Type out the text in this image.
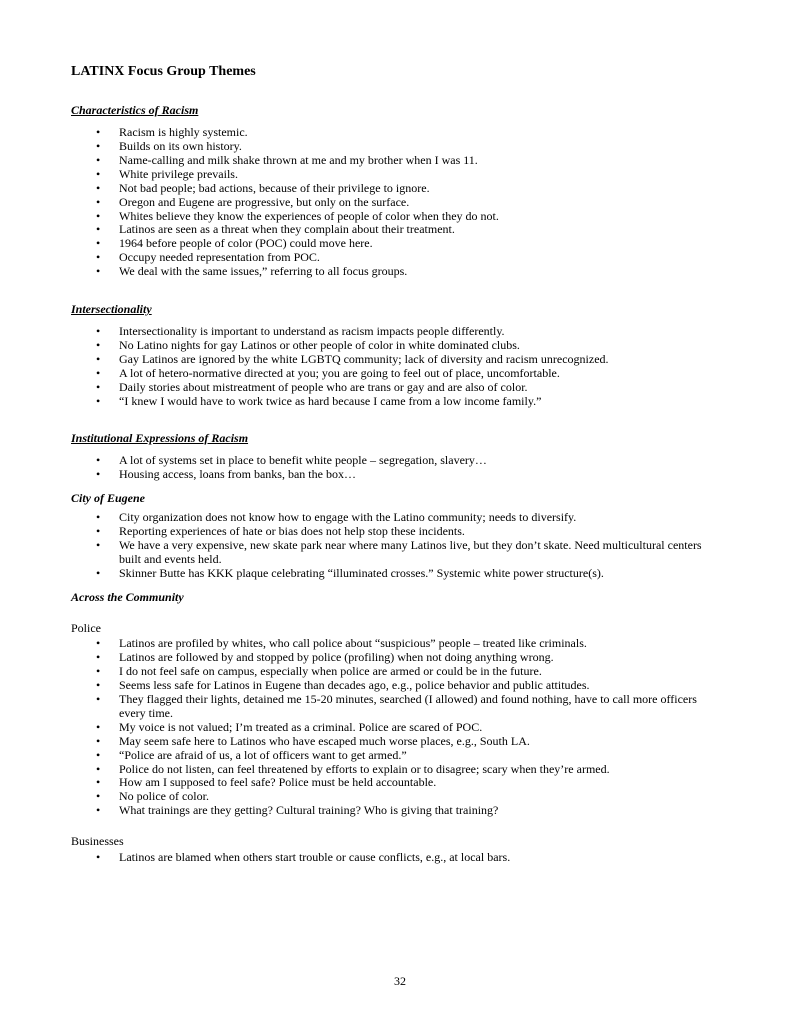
LATINX Focus Group Themes
Characteristics of Racism
• Racism is highly systemic.
• Builds on its own history.
• Name-calling and milk shake thrown at me and my brother when I was 11.
• White privilege prevails.
• Not bad people; bad actions, because of their privilege to ignore.
• Oregon and Eugene are progressive, but only on the surface.
• Whites believe they know the experiences of people of color when they do not.
• Latinos are seen as a threat when they complain about their treatment.
• 1964 before people of color (POC) could move here.
• Occupy needed representation from POC.
• We deal with the same issues,” referring to all focus groups.
Intersectionality
• Intersectionality is important to understand as racism impacts people differently.
• No Latino nights for gay Latinos or other people of color in white dominated clubs.
• Gay Latinos are ignored by the white LGBTQ community; lack of diversity and racism unrecognized.
• A lot of hetero-normative directed at you; you are going to feel out of place, uncomfortable.
• Daily stories about mistreatment of people who are trans or gay and are also of color.
• “I knew I would have to work twice as hard because I came from a low income family.”
Institutional Expressions of Racism
• A lot of systems set in place to benefit white people – segregation, slavery…
• Housing access, loans from banks, ban the box…
City of Eugene
• City organization does not know how to engage with the Latino community; needs to diversify.
• Reporting experiences of hate or bias does not help stop these incidents.
• We have a very expensive, new skate park near where many Latinos live, but they don’t skate. Need multicultural centers built and events held.
• Skinner Butte has KKK plaque celebrating “illuminated crosses.” Systemic white power structure(s).
Across the Community
Police
• Latinos are profiled by whites, who call police about “suspicious” people – treated like criminals.
• Latinos are followed by and stopped by police (profiling) when not doing anything wrong.
• I do not feel safe on campus, especially when police are armed or could be in the future.
• Seems less safe for Latinos in Eugene than decades ago, e.g., police behavior and public attitudes.
• They flagged their lights, detained me 15-20 minutes, searched (I allowed) and found nothing, have to call more officers every time.
• My voice is not valued; I’m treated as a criminal. Police are scared of POC.
• May seem safe here to Latinos who have escaped much worse places, e.g., South LA.
• “Police are afraid of us, a lot of officers want to get armed.”
• Police do not listen, can feel threatened by efforts to explain or to disagree; scary when they’re armed.
• How am I supposed to feel safe? Police must be held accountable.
• No police of color.
• What trainings are they getting? Cultural training? Who is giving that training?
Businesses
• Latinos are blamed when others start trouble or cause conflicts, e.g., at local bars.
32
